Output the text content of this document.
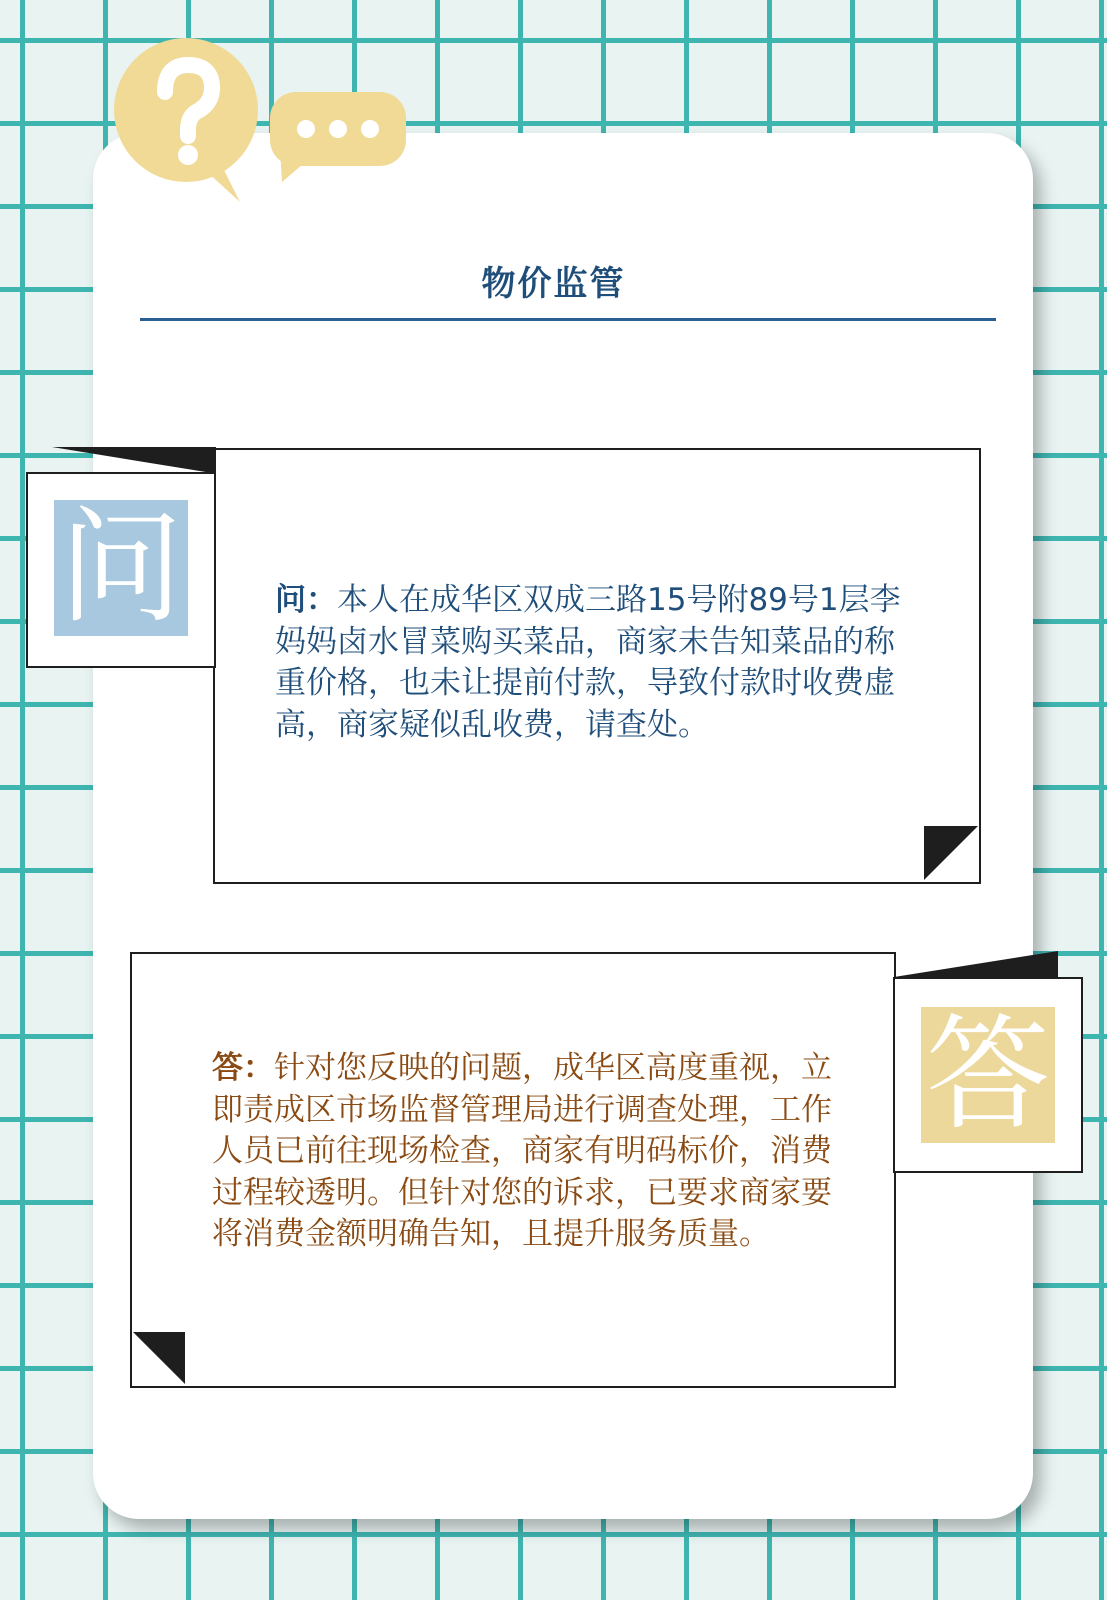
物价监管
问	问：本人在成华区双成三路15号附89号1层李妈妈卤水冒菜购买菜品，商家未告知菜品的称重价格，也未让提前付款，导致付款时收费虚高，商家疑似乱收费，请查处。
答
答：针对您反映的问题，成华区高度重视，立即责成区市场监督管理局进行调查处理，工作人员已前往现场检查，商家有明码标价，消费过程较透明。但针对您的诉求，已要求商家要将消费金额明确告知，且提升服务质量。
